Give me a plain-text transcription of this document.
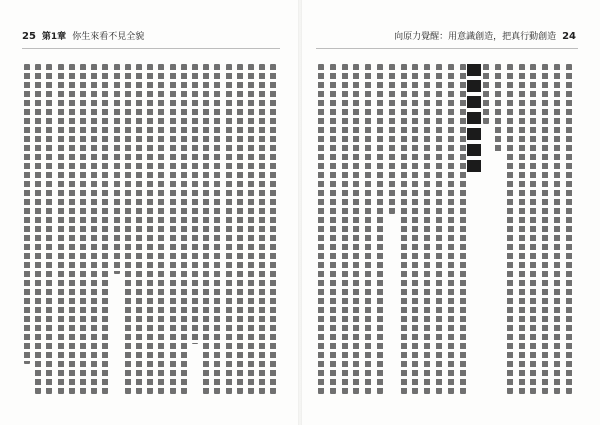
25 第1章 你生來看不見全貌	向原力覺醒：用意識創造，把真行動創造 24
